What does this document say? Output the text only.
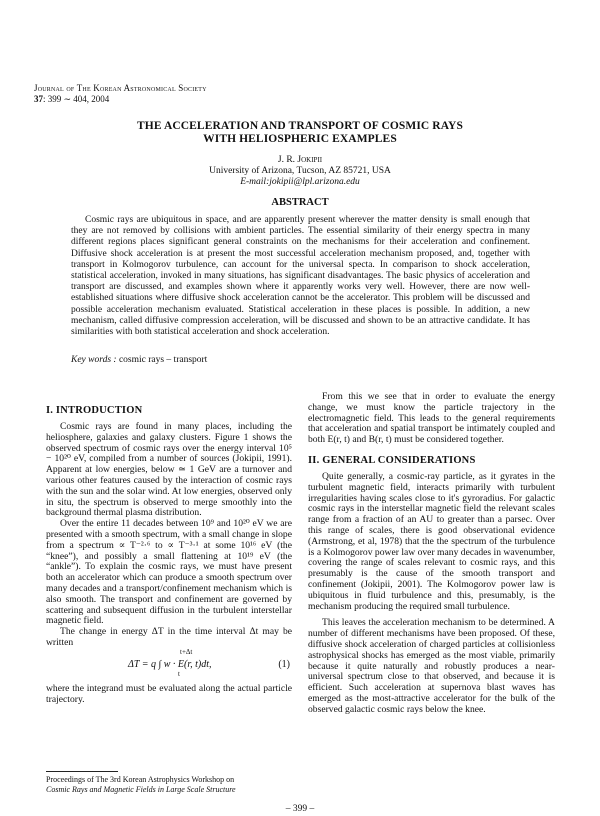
Journal of The Korean Astronomical Society
37: 399 ∼ 404, 2004
THE ACCELERATION AND TRANSPORT OF COSMIC RAYS
WITH HELIOSPHERIC EXAMPLES
J. R. Jokipii
University of Arizona, Tucson, AZ 85721, USA
E-mail:jokipii@lpl.arizona.edu
ABSTRACT

Cosmic rays are ubiquitous in space, and are apparently present wherever the matter density is small enough that they are not removed by collisions with ambient particles. The essential similarity of their energy spectra in many different regions places significant general constraints on the mechanisms for their acceleration and confinement. Diffusive shock acceleration is at present the most successful acceleration mechanism proposed, and, together with transport in Kolmogorov turbulence, can account for the universal specta. In comparison to shock acceleration, statistical acceleration, invoked in many situations, has significant disadvantages. The basic physics of acceleration and transport are discussed, and examples shown where it apparently works very well. However, there are now well-established situations where diffusive shock acceleration cannot be the accelerator. This problem will be discussed and possible acceleration mechanism evaluated. Statistical acceleration in these places is possible. In addition, a new mechanism, called diffusive compression acceleration, will be discussed and shown to be an attractive candidate. It has similarities with both statistical acceleration and shock acceleration.

Key words : cosmic rays – transport
I. INTRODUCTION

Cosmic rays are found in many places, including the heliosphere, galaxies and galaxy clusters. Figure 1 shows the observed spectrum of cosmic rays over the energy interval 10⁵ − 10²⁰ eV, compiled from a number of sources (Jokipii, 1991). Apparent at low energies, below ≃ 1 GeV are a turnover and various other features caused by the interaction of cosmic rays with the sun and the solar wind. At low energies, observed only in situ, the spectrum is observed to merge smoothly into the background thermal plasma distribution.

Over the entire 11 decades between 10⁹ and 10²⁰ eV we are presented with a smooth spectrum, with a small change in slope from a spectrum ∝ T⁻²·⁶ to ∝ T⁻³·¹ at some 10¹⁶ eV (the “knee”), and possibly a small flattening at 10¹⁹ eV (the “ankle”). To explain the cosmic rays, we must have present both an accelerator which can produce a smooth spectrum over many decades and a transport/confinement mechanism which is also smooth. The transport and confinement are governed by scattering and subsequent diffusion in the turbulent interstellar magnetic field.

The change in energy ΔT in the time interval Δt may be written

ΔT = q ∫ w · E(r, t)dt,
t+Δt
t
(1)

where the integrand must be evaluated along the actual particle trajectory.

From this we see that in order to evaluate the energy change, we must know the particle trajectory in the electromagnetic field. This leads to the general requirements that acceleration and spatial transport be intimately coupled and both E(r, t) and B(r, t) must be considered together.

II. GENERAL CONSIDERATIONS

Quite generally, a cosmic-ray particle, as it gyrates in the turbulent magnetic field, interacts primarily with turbulent irregularities having scales close to it's gyroradius. For galactic cosmic rays in the interstellar magnetic field the relevant scales range from a fraction of an AU to greater than a parsec. Over this range of scales, there is good observational evidence (Armstrong, et al, 1978) that the the spectrum of the turbulence is a Kolmogorov power law over many decades in wavenumber, covering the range of scales relevant to cosmic rays, and this presumably is the cause of the smooth transport and confinement (Jokipii, 2001). The Kolmogorov power law is ubiquitous in fluid turbulence and this, presumably, is the mechanism producing the required small turbulence.

This leaves the acceleration mechanism to be determined. A number of different mechanisms have been proposed. Of these, diffusive shock acceleration of charged particles at collisionless astrophysical shocks has emerged as the most viable, primarily because it quite naturally and robustly produces a near-universal spectrum close to that observed, and because it is efficient. Such acceleration at supernova blast waves has emerged as the most-attractive accelerator for the bulk of the observed galactic cosmic rays below the knee.

Proceedings of The 3rd Korean Astrophysics Workshop on
Cosmic Rays and Magnetic Fields in Large Scale Structure
– 399 –
